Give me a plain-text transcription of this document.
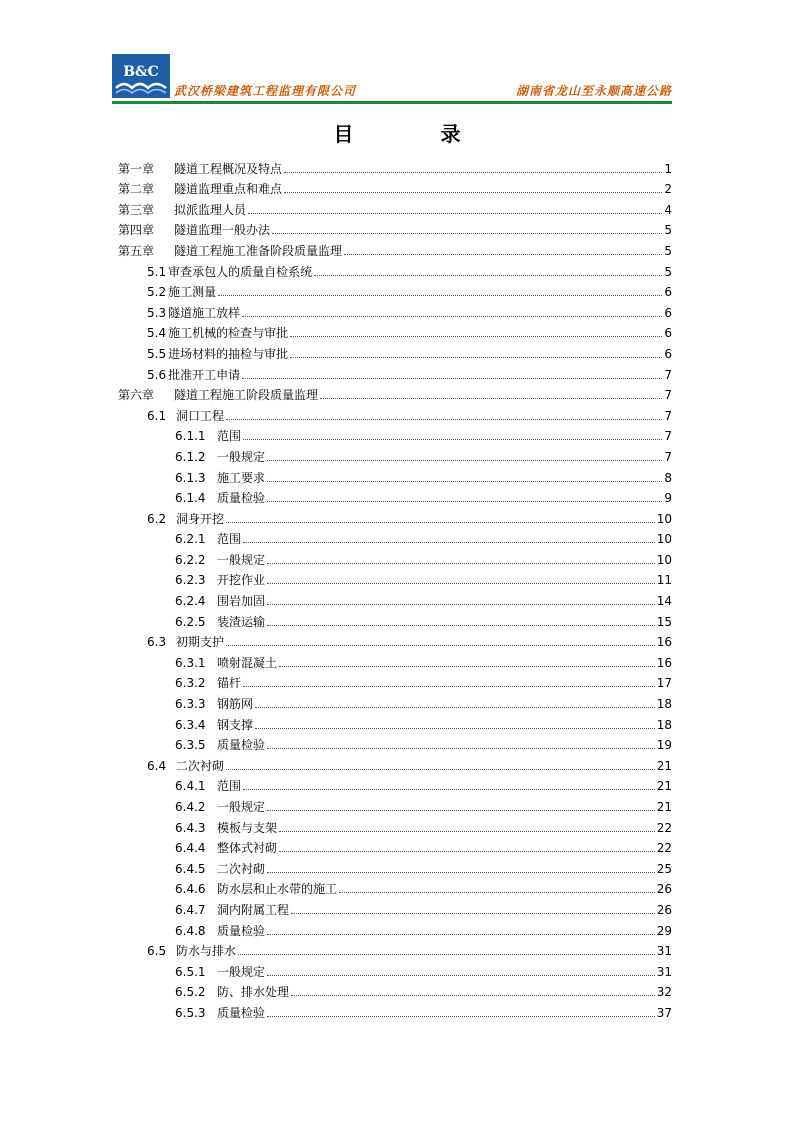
B&C
武汉桥梁建筑工程监理有限公司	湖南省龙山至永顺高速公路
目 录
第一章	隧道工程概况及特点	1
第二章	隧道监理重点和难点	2
第三章	拟派监理人员	4
第四章	隧道监理一般办法	5
第五章	隧道工程施工准备阶段质量监理	5
5.1 审查承包人的质量自检系统	5
5.2 施工测量	6
5.3 隧道施工放样	6
5.4 施工机械的检查与审批	6
5.5 进场材料的抽检与审批	6
5.6 批准开工申请	7
第六章	隧道工程施工阶段质量监理	7
6.1 洞口工程	7
6.1.1 范围	7
6.1.2 一般规定	7
6.1.3 施工要求	8
6.1.4 质量检验	9
6.2 洞身开挖	10
6.2.1 范围	10
6.2.2 一般规定	10
6.2.3 开挖作业	11
6.2.4 围岩加固	14
6.2.5 装渣运输	15
6.3 初期支护	16
6.3.1 喷射混凝土	16
6.3.2 锚杆	17
6.3.3 钢筋网	18
6.3.4 钢支撑	18
6.3.5 质量检验	19
6.4 二次衬砌	21
6.4.1 范围	21
6.4.2 一般规定	21
6.4.3 模板与支架	22
6.4.4 整体式衬砌	22
6.4.5 二次衬砌	25
6.4.6 防水层和止水带的施工	26
6.4.7 洞内附属工程	26
6.4.8 质量检验	29
6.5 防水与排水	31
6.5.1 一般规定	31
6.5.2 防、排水处理	32
6.5.3 质量检验	37
